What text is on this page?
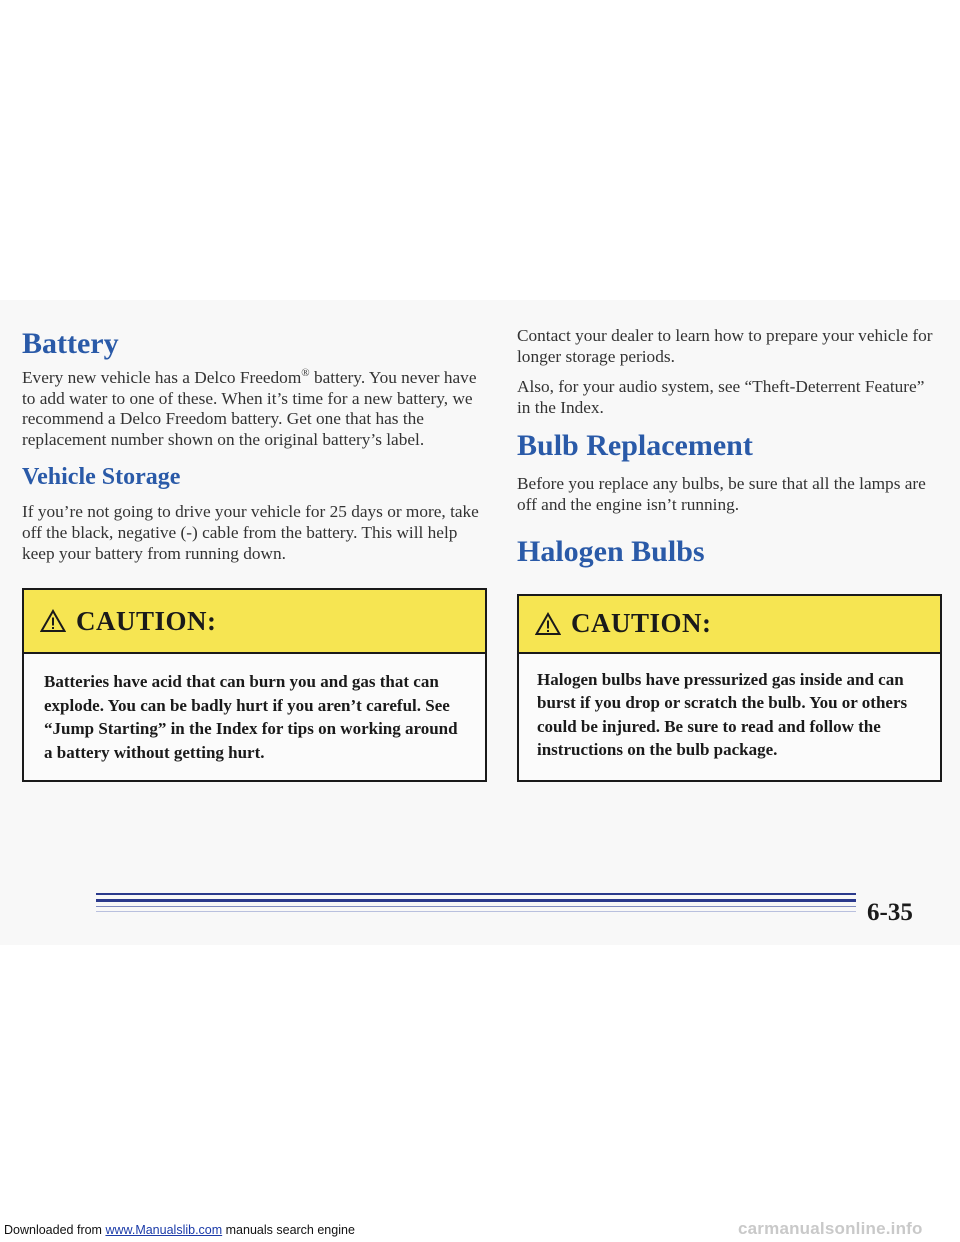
Battery

Every new vehicle has a Delco Freedom® battery. You never have to add water to one of these. When it’s time for a new battery, we recommend a Delco Freedom battery. Get one that has the replacement number shown on the original battery’s label.

Vehicle Storage

If you’re not going to drive your vehicle for 25 days or more, take off the black, negative (-) cable from the battery. This will help keep your battery from running down.

CAUTION:
Batteries have acid that can burn you and gas that can explode. You can be badly hurt if you aren’t careful. See “Jump Starting” in the Index for tips on working around a battery without getting hurt.

Contact your dealer to learn how to prepare your vehicle for longer storage periods.

Also, for your audio system, see “Theft-Deterrent Feature” in the Index.

Bulb Replacement

Before you replace any bulbs, be sure that all the lamps are off and the engine isn’t running.

Halogen Bulbs
CAUTION:
Halogen bulbs have pressurized gas inside and can burst if you drop or scratch the bulb. You or others could be injured. Be sure to read and follow the instructions on the bulb package.
6-35
Downloaded from www.Manualslib.com manuals search engine	carmanualsonline.info
